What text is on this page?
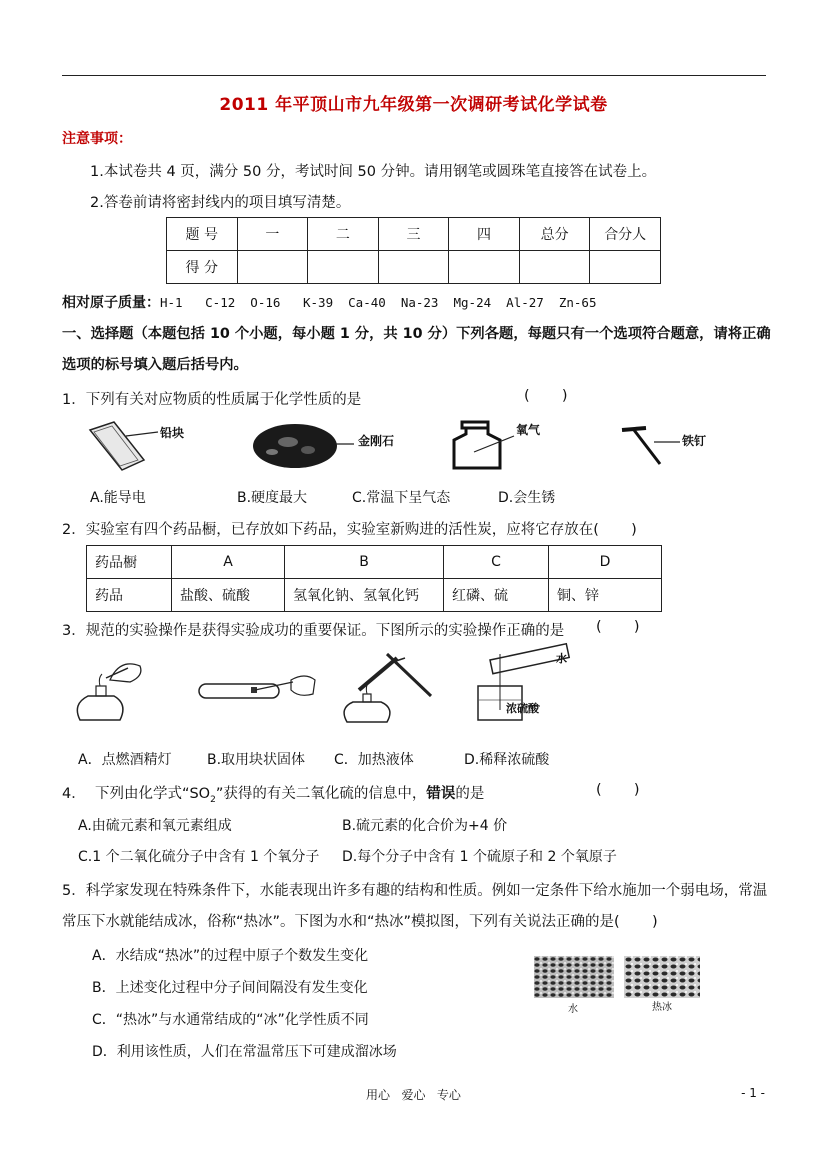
2011 年平顶山市九年级第一次调研考试化学试卷
注意事项：
1.本试卷共 4 页，满分 50 分，考试时间 50 分钟。请用钢笔或圆珠笔直接答在试卷上。
2.答卷前请将密封线内的项目填写清楚。
题 号	一	二	三	四	总分	合分人
得 分						
相对原子质量：H-1   C-12  O-16   K-39  Ca-40  Na-23  Mg-24  Al-27  Zn-65
一、选择题（本题包括 10 个小题，每小题 1 分，共 10 分）下列各题，每题只有一个选项符合题意，请将正确
选项的标号填入题后括号内。
1．下列有关对应物质的性质属于化学性质的是	(       )
铅块
金刚石
氧气
铁钉
A.能导电	B.硬度最大	C.常温下呈气态	D.会生锈
2．实验室有四个药品橱，已存放如下药品，实验室新购进的活性炭，应将它存放在(       )
药品橱	A	B	C	D
药品	盐酸、硫酸	氢氧化钠、氢氧化钙	红磷、硫	铜、锌
3．规范的实验操作是获得实验成功的重要保证。下图所示的实验操作正确的是 (       )
水
浓硫酸
A．点燃酒精灯	B.取用块状固体 C．加热液体	D.稀释浓硫酸
4．  下列由化学式“$SO_2$”获得的有关二氧化硫的信息中，错误的是	(       )
A.由硫元素和氧元素组成	B.硫元素的化合价为+4 价
C.1 个二氧化硫分子中含有 1 个氧分子 D.每个分子中含有 1 个硫原子和 2 个氧原子
5．科学家发现在特殊条件下，水能表现出许多有趣的结构和性质。例如一定条件下给水施加一个弱电场，常温
常压下水就能结成冰，俗称“热冰”。下图为水和“热冰”模拟图，下列有关说法正确的是(       )
A．水结成“热冰”的过程中原子个数发生变化
B．上述变化过程中分子间间隔没有发生变化
C．“热冰”与水通常结成的“冰”化学性质不同
D．利用该性质，人们在常温常压下可建成溜冰场
水	热冰
用心   爱心   专心	- 1 -
